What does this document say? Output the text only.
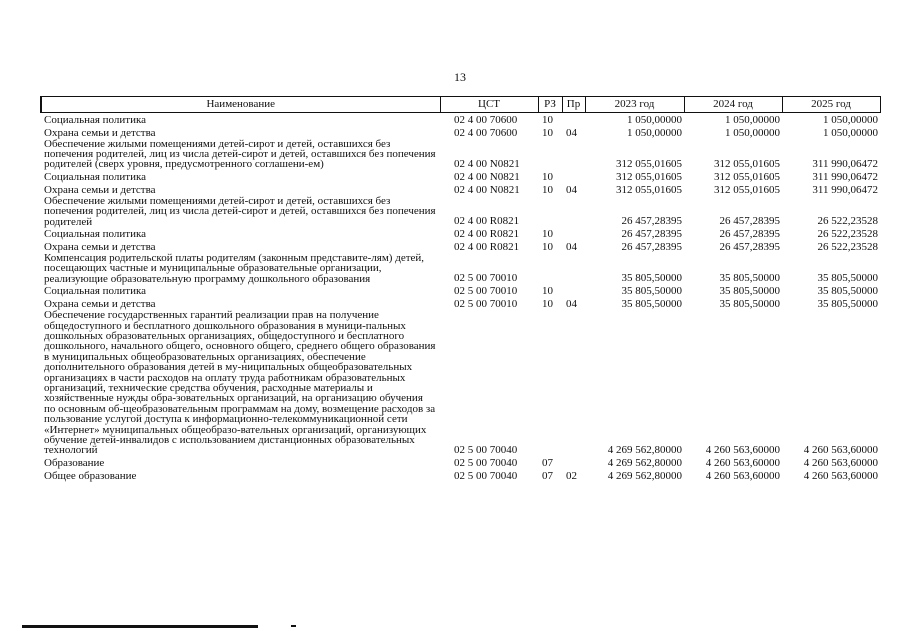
13
Наименование	ЦСТ	РЗ	Пр	2023 год	2024 год	2025 год
Социальная политика	02 4 00 70600	10		1 050,00000	1 050,00000	1 050,00000
Охрана семьи и детства	02 4 00 70600	10	04	1 050,00000	1 050,00000	1 050,00000
Обеспечение жилыми помещениями детей-сирот и детей, оставшихся без попечения родителей, лиц из числа детей-сирот и детей, оставшихся без попечения родителей (сверх уровня, предусмотренного соглашени-ем)	02 4 00 N0821			312 055,01605	312 055,01605	311 990,06472
Социальная политика	02 4 00 N0821	10		312 055,01605	312 055,01605	311 990,06472
Охрана семьи и детства	02 4 00 N0821	10	04	312 055,01605	312 055,01605	311 990,06472
Обеспечение жилыми помещениями детей-сирот и детей, оставшихся без попечения родителей, лиц из числа детей-сирот и детей, оставшихся без попечения родителей	02 4 00 R0821			26 457,28395	26 457,28395	26 522,23528
Социальная политика	02 4 00 R0821	10		26 457,28395	26 457,28395	26 522,23528
Охрана семьи и детства	02 4 00 R0821	10	04	26 457,28395	26 457,28395	26 522,23528
Компенсация родительской платы родителям (законным представите-лям) детей, посещающих частные и муниципальные образовательные организации, реализующие образовательную программу дошкольного образования	02 5 00 70010			35 805,50000	35 805,50000	35 805,50000
Социальная политика	02 5 00 70010	10		35 805,50000	35 805,50000	35 805,50000
Охрана семьи и детства	02 5 00 70010	10	04	35 805,50000	35 805,50000	35 805,50000
Обеспечение государственных гарантий реализации прав на получение общедоступного и бесплатного дошкольного образования в муници-пальных дошкольных образовательных организациях, общедоступного и бесплатного дошкольного, начального общего, основного общего, среднего общего образования в муниципальных общеобразовательных организациях, обеспечение дополнительного образования детей в му-ниципальных общеобразовательных организациях в части расходов на оплату труда работникам образовательных организаций, технические средства обучения, расходные материалы и хозяйственные нужды обра-зовательных организаций, на организацию обучения по основным об-щеобразовательным программам на дому, возмещение расходов за пользование услугой доступа к информационно-телекоммуникационной сети «Интернет» муниципальных общеобразо-вательных организаций, организующих обучение детей-инвалидов с использованием дистанционных образовательных технологий	02 5 00 70040			4 269 562,80000	4 260 563,60000	4 260 563,60000
Образование	02 5 00 70040	07		4 269 562,80000	4 260 563,60000	4 260 563,60000
Общее образование	02 5 00 70040	07	02	4 269 562,80000	4 260 563,60000	4 260 563,60000
